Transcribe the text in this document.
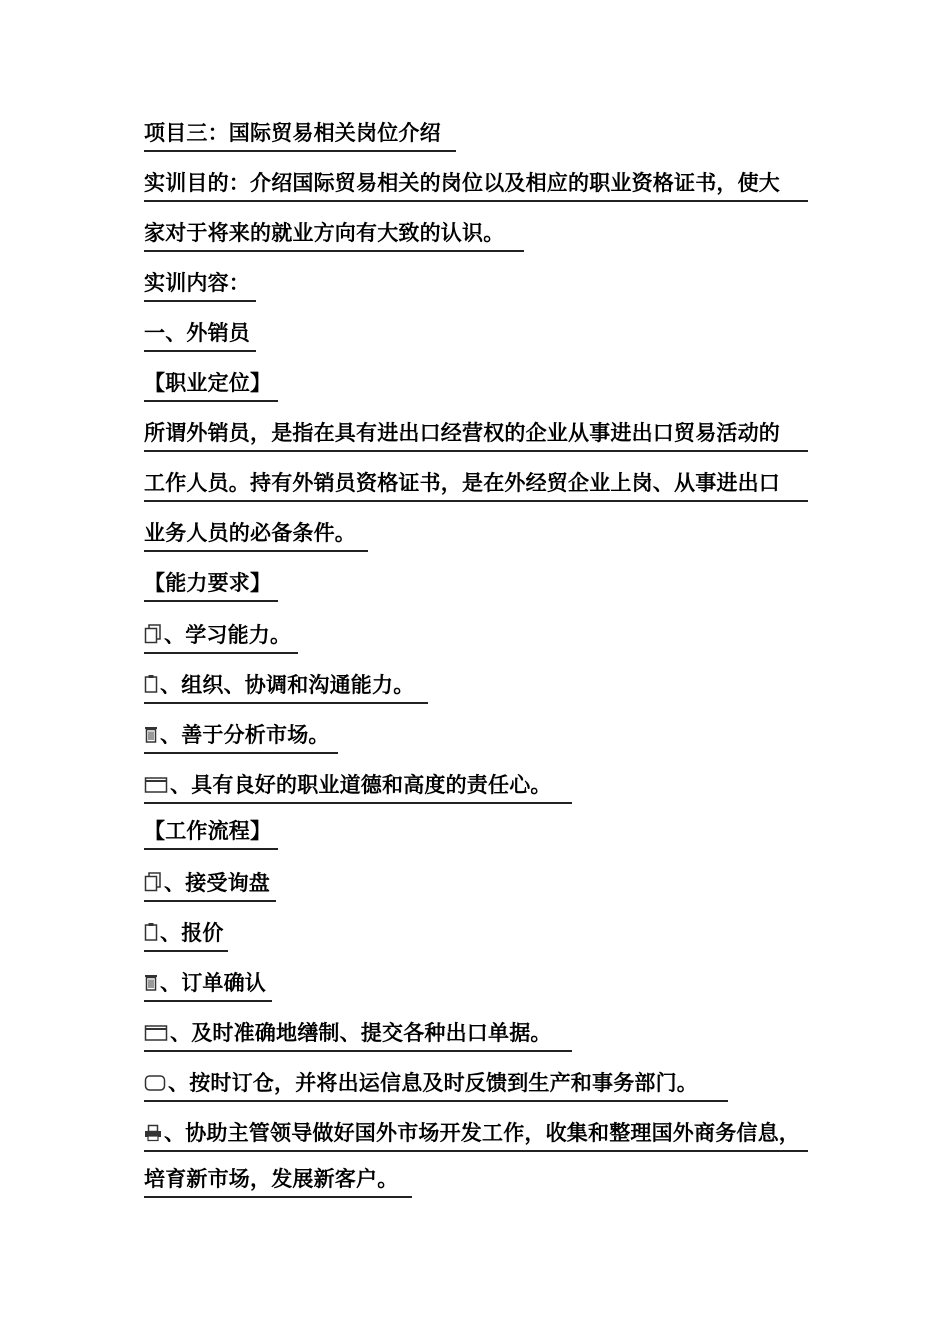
项目三：国际贸易相关岗位介绍
实训目的：介绍国际贸易相关的岗位以及相应的职业资格证书，使大
家对于将来的就业方向有大致的认识。
实训内容：
一、外销员
【职业定位】
所谓外销员，是指在具有进出口经营权的企业从事进出口贸易活动的
工作人员。持有外销员资格证书，是在外经贸企业上岗、从事进出口
业务人员的必备条件。
【能力要求】
、学习能力。
、组织、协调和沟通能力。
、善于分析市场。
、具有良好的职业道德和高度的责任心。
【工作流程】
、接受询盘
、报价
、订单确认
、及时准确地缮制、提交各种出口单据。
、按时订仓，并将出运信息及时反馈到生产和事务部门。
、协助主管领导做好国外市场开发工作，收集和整理国外商务信息，
培育新市场，发展新客户。
